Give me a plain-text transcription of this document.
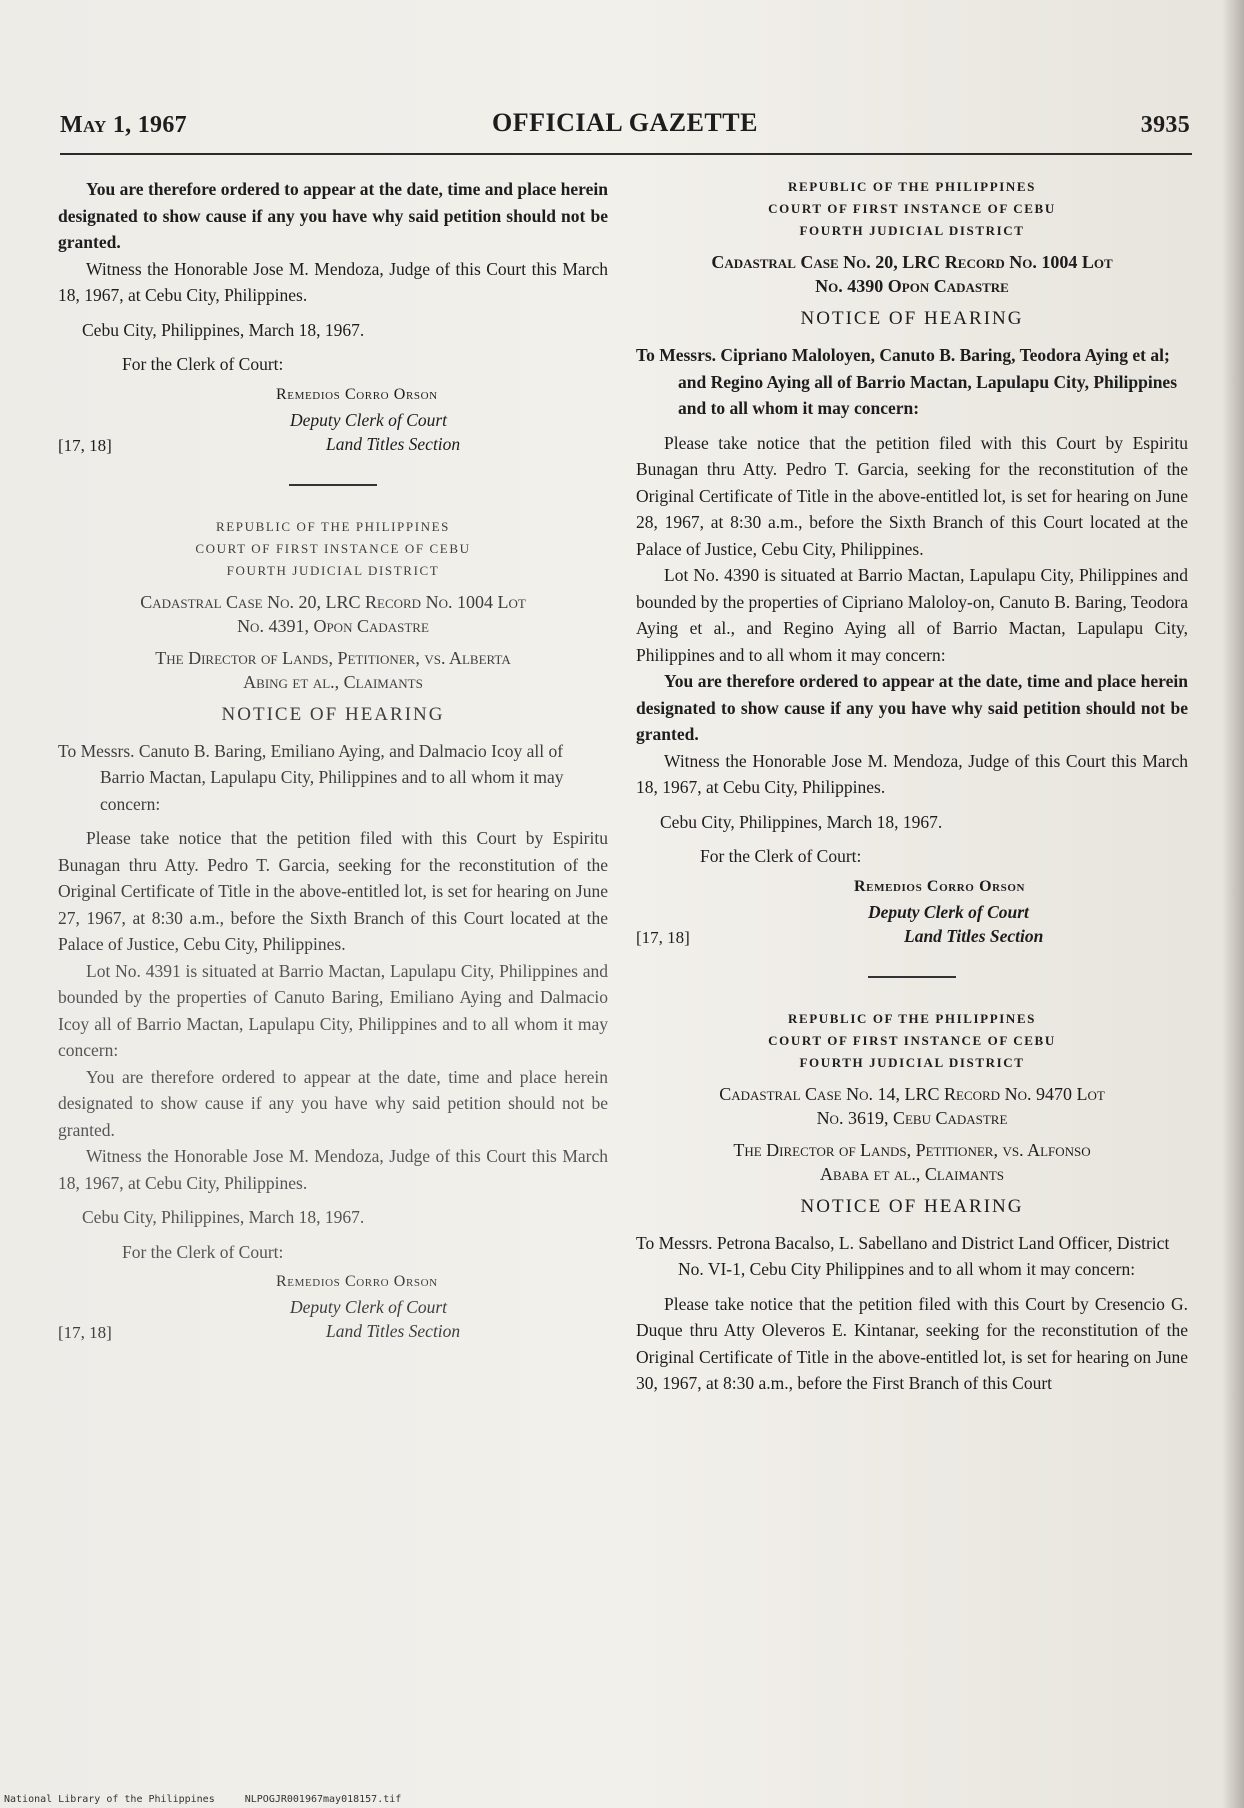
May 1, 1967	OFFICIAL GAZETTE	3935

You are therefore ordered to appear at the date, time and place herein designated to show cause if any you have why said petition should not be granted.

Witness the Honorable Jose M. Mendoza, Judge of this Court this March 18, 1967, at Cebu City, Philippines.

Cebu City, Philippines, March 18, 1967.

For the Clerk of Court:

Remedios Corro Orson
Deputy Clerk of Court
Land Titles Section
[17, 18]
REPUBLIC OF THE PHILIPPINES
COURT OF FIRST INSTANCE OF CEBU
FOURTH JUDICIAL DISTRICT
Cadastral Case No. 20, LRC Record No. 1004 Lot
No. 4391, Opon Cadastre
The Director of Lands, Petitioner, vs. Alberta
Abing et al., Claimants
NOTICE OF HEARING

To Messrs. Canuto B. Baring, Emiliano Aying, and Dalmacio Icoy all of Barrio Mactan, Lapulapu City, Philippines and to all whom it may concern:

Please take notice that the petition filed with this Court by Espiritu Bunagan thru Atty. Pedro T. Garcia, seeking for the reconstitution of the Original Certificate of Title in the above-entitled lot, is set for hearing on June 27, 1967, at 8:30 a.m., before the Sixth Branch of this Court located at the Palace of Justice, Cebu City, Philippines.

Lot No. 4391 is situated at Barrio Mactan, Lapulapu City, Philippines and bounded by the properties of Canuto Baring, Emiliano Aying and Dalmacio Icoy all of Barrio Mactan, Lapulapu City, Philippines and to all whom it may concern:

You are therefore ordered to appear at the date, time and place herein designated to show cause if any you have why said petition should not be granted.

Witness the Honorable Jose M. Mendoza, Judge of this Court this March 18, 1967, at Cebu City, Philippines.

Cebu City, Philippines, March 18, 1967.

For the Clerk of Court:

Remedios Corro Orson
Deputy Clerk of Court
Land Titles Section
[17, 18]
REPUBLIC OF THE PHILIPPINES
COURT OF FIRST INSTANCE OF CEBU
FOURTH JUDICIAL DISTRICT
Cadastral Case No. 20, LRC Record No. 1004 Lot
No. 4390 Opon Cadastre
NOTICE OF HEARING

To Messrs. Cipriano Maloloyen, Canuto B. Baring, Teodora Aying et al; and Regino Aying all of Barrio Mactan, Lapulapu City, Philippines and to all whom it may concern:

Please take notice that the petition filed with this Court by Espiritu Bunagan thru Atty. Pedro T. Garcia, seeking for the reconstitution of the Original Certificate of Title in the above-entitled lot, is set for hearing on June 28, 1967, at 8:30 a.m., before the Sixth Branch of this Court located at the Palace of Justice, Cebu City, Philippines.

Lot No. 4390 is situated at Barrio Mactan, Lapulapu City, Philippines and bounded by the properties of Cipriano Maloloy-on, Canuto B. Baring, Teodora Aying et al., and Regino Aying all of Barrio Mactan, Lapulapu City, Philippines and to all whom it may concern:

You are therefore ordered to appear at the date, time and place herein designated to show cause if any you have why said petition should not be granted.

Witness the Honorable Jose M. Mendoza, Judge of this Court this March 18, 1967, at Cebu City, Philippines.

Cebu City, Philippines, March 18, 1967.

For the Clerk of Court:

Remedios Corro Orson
Deputy Clerk of Court
Land Titles Section
[17, 18]
REPUBLIC OF THE PHILIPPINES
COURT OF FIRST INSTANCE OF CEBU
FOURTH JUDICIAL DISTRICT
Cadastral Case No. 14, LRC Record No. 9470 Lot
No. 3619, Cebu Cadastre
The Director of Lands, Petitioner, vs. Alfonso
Ababa et al., Claimants
NOTICE OF HEARING

To Messrs. Petrona Bacalso, L. Sabellano and District Land Officer, District No. VI-1, Cebu City Philippines and to all whom it may concern:

Please take notice that the petition filed with this Court by Cresencio G. Duque thru Atty Oleveros E. Kintanar, seeking for the reconstitution of the Original Certificate of Title in the above-entitled lot, is set for hearing on June 30, 1967, at 8:30 a.m., before the First Branch of this Court

National Library of the Philippines	NLPOGJR001967may018157.tif
